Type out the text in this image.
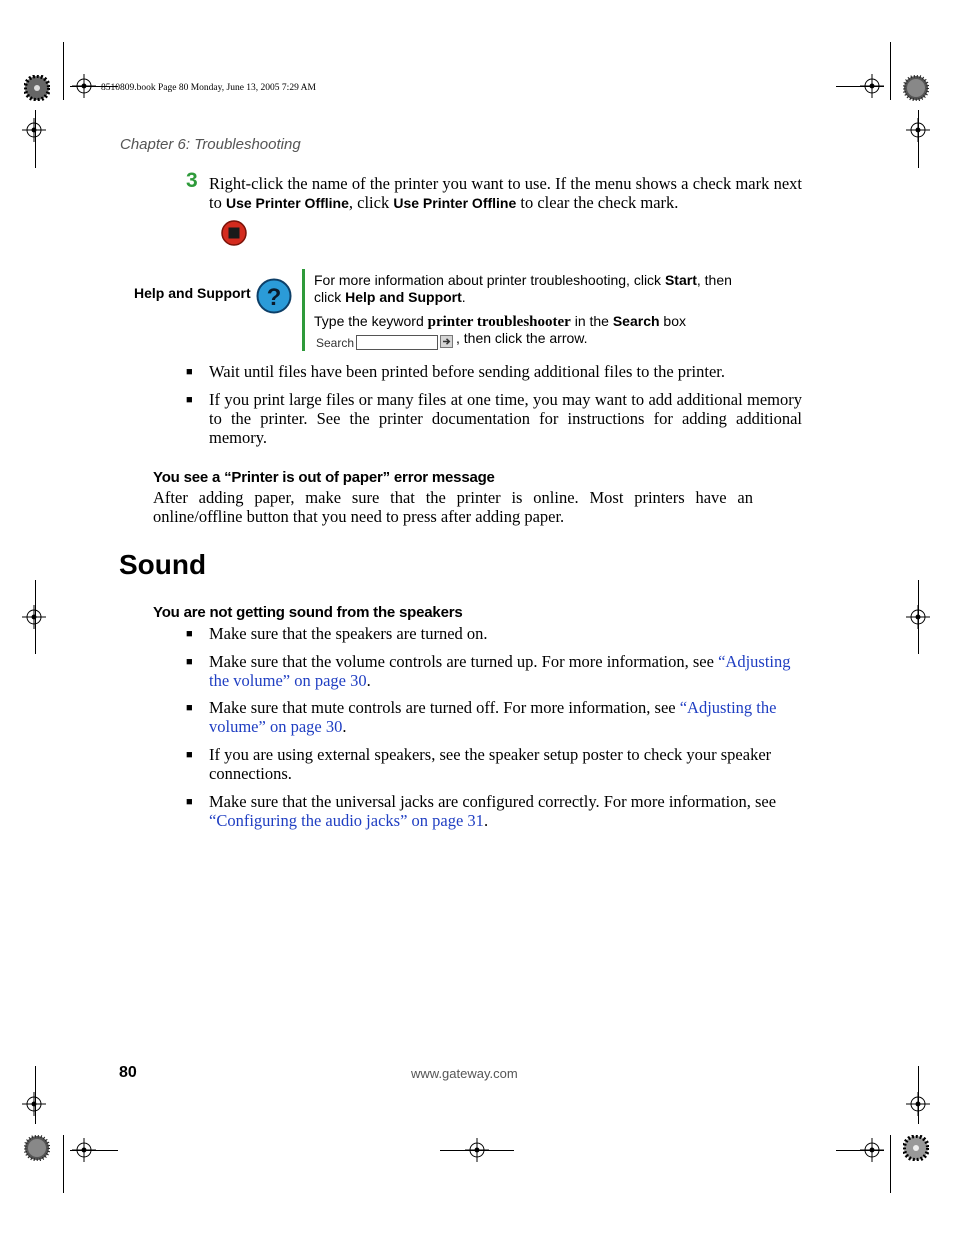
8510809.book Page 80 Monday, June 13, 2005 7:29 AM
Chapter 6: Troubleshooting
3 Right-click the name of the printer you want to use. If the menu shows a check mark next to Use Printer Offline, click Use Printer Offline to clear the check mark.
Help and Support ?
For more information about printer troubleshooting, click Start, then
click Help and Support.
Type the keyword printer troubleshooter in the Search box
Search	, then click the arrow.
■ Wait until files have been printed before sending additional files to the printer.
■ If you print large files or many files at one time, you may want to add additional memory to the printer. See the printer documentation for instructions for adding additional memory.
You see a “Printer is out of paper” error message
After adding paper, make sure that the printer is online. Most printers have an online/offline button that you need to press after adding paper.
Sound
You are not getting sound from the speakers
■ Make sure that the speakers are turned on.
■ Make sure that the volume controls are turned up. For more information, see “Adjusting the volume” on page 30.
■ Make sure that mute controls are turned off. For more information, see “Adjusting the volume” on page 30.
■ If you are using external speakers, see the speaker setup poster to check your speaker connections.
■ Make sure that the universal jacks are configured correctly. For more information, see “Configuring the audio jacks” on page 31.
80	www.gateway.com
